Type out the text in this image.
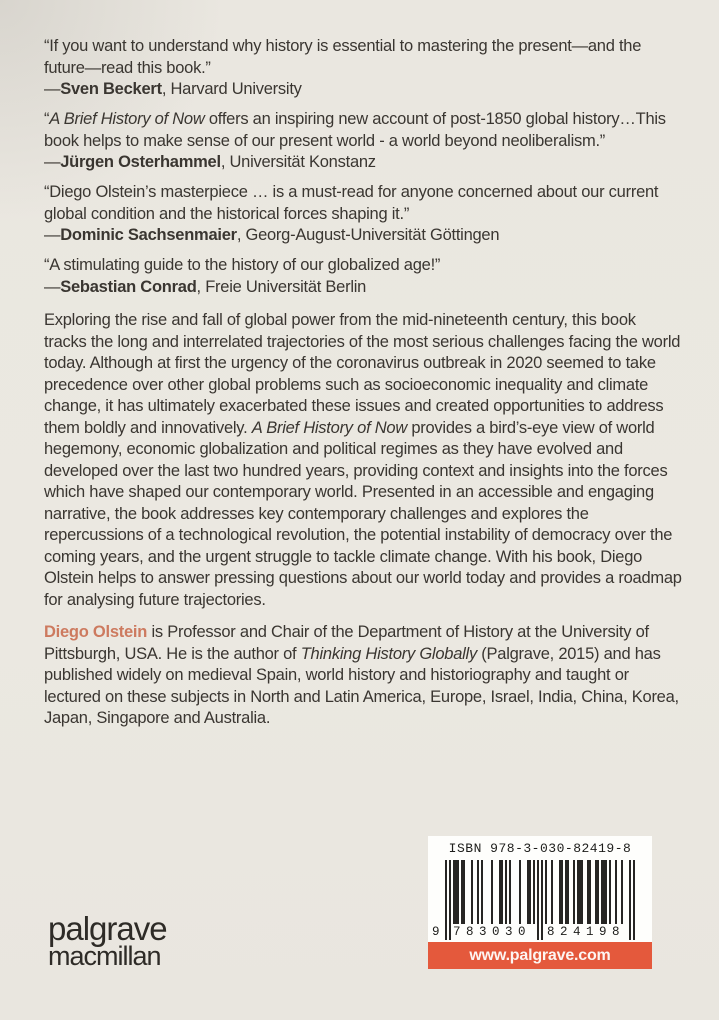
“If you want to understand why history is essential to mastering the present—and the future—read this book.”

—Sven Beckert, Harvard University

“A Brief History of Now offers an inspiring new account of post-1850 global history…This book helps to make sense of our present world - a world beyond neoliberalism.”

—Jürgen Osterhammel, Universität Konstanz

“Diego Olstein’s masterpiece … is a must-read for anyone concerned about our current global condition and the historical forces shaping it.”

—Dominic Sachsenmaier, Georg-August-Universität Göttingen

“A stimulating guide to the history of our globalized age!”

—Sebastian Conrad, Freie Universität Berlin

Exploring the rise and fall of global power from the mid-nineteenth century, this book tracks the long and interrelated trajectories of the most serious challenges facing the world today. Although at first the urgency of the coronavirus outbreak in 2020 seemed to take precedence over other global problems such as socioeconomic inequality and climate change, it has ultimately exacerbated these issues and created opportunities to address them boldly and innovatively. A Brief History of Now provides a bird’s-eye view of world hegemony, economic globalization and political regimes as they have evolved and developed over the last two hundred years, providing context and insights into the forces which have shaped our contemporary world. Presented in an accessible and engaging narrative, the book addresses key contemporary challenges and explores the repercussions of a technological revolution, the potential instability of democracy over the coming years, and the urgent struggle to tackle climate change. With his book, Diego Olstein helps to answer pressing questions about our world today and provides a roadmap for analysing future trajectories.

Diego Olstein is Professor and Chair of the Department of History at the University of Pittsburgh, USA. He is the author of Thinking History Globally (Palgrave, 2015) and has published widely on medieval Spain, world history and historiography and taught or lectured on these subjects in North and Latin America, Europe, Israel, India, China, Korea, Japan, Singapore and Australia.

palgrave
macmillan
ISBN 978-3-030-82419-8
9 783030	824198
www.palgrave.com
